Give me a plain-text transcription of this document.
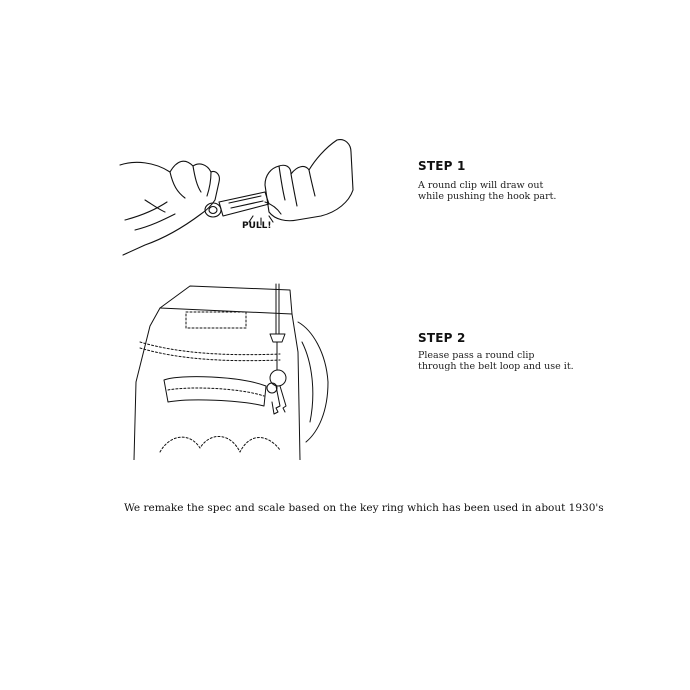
PULL!
STEP 1
A round clip will draw out
while pushing the hook part.
STEP 2
Please pass a round clip
through the belt loop and use it.
We remake the spec and scale based on the key ring which has been used in about 1930's
